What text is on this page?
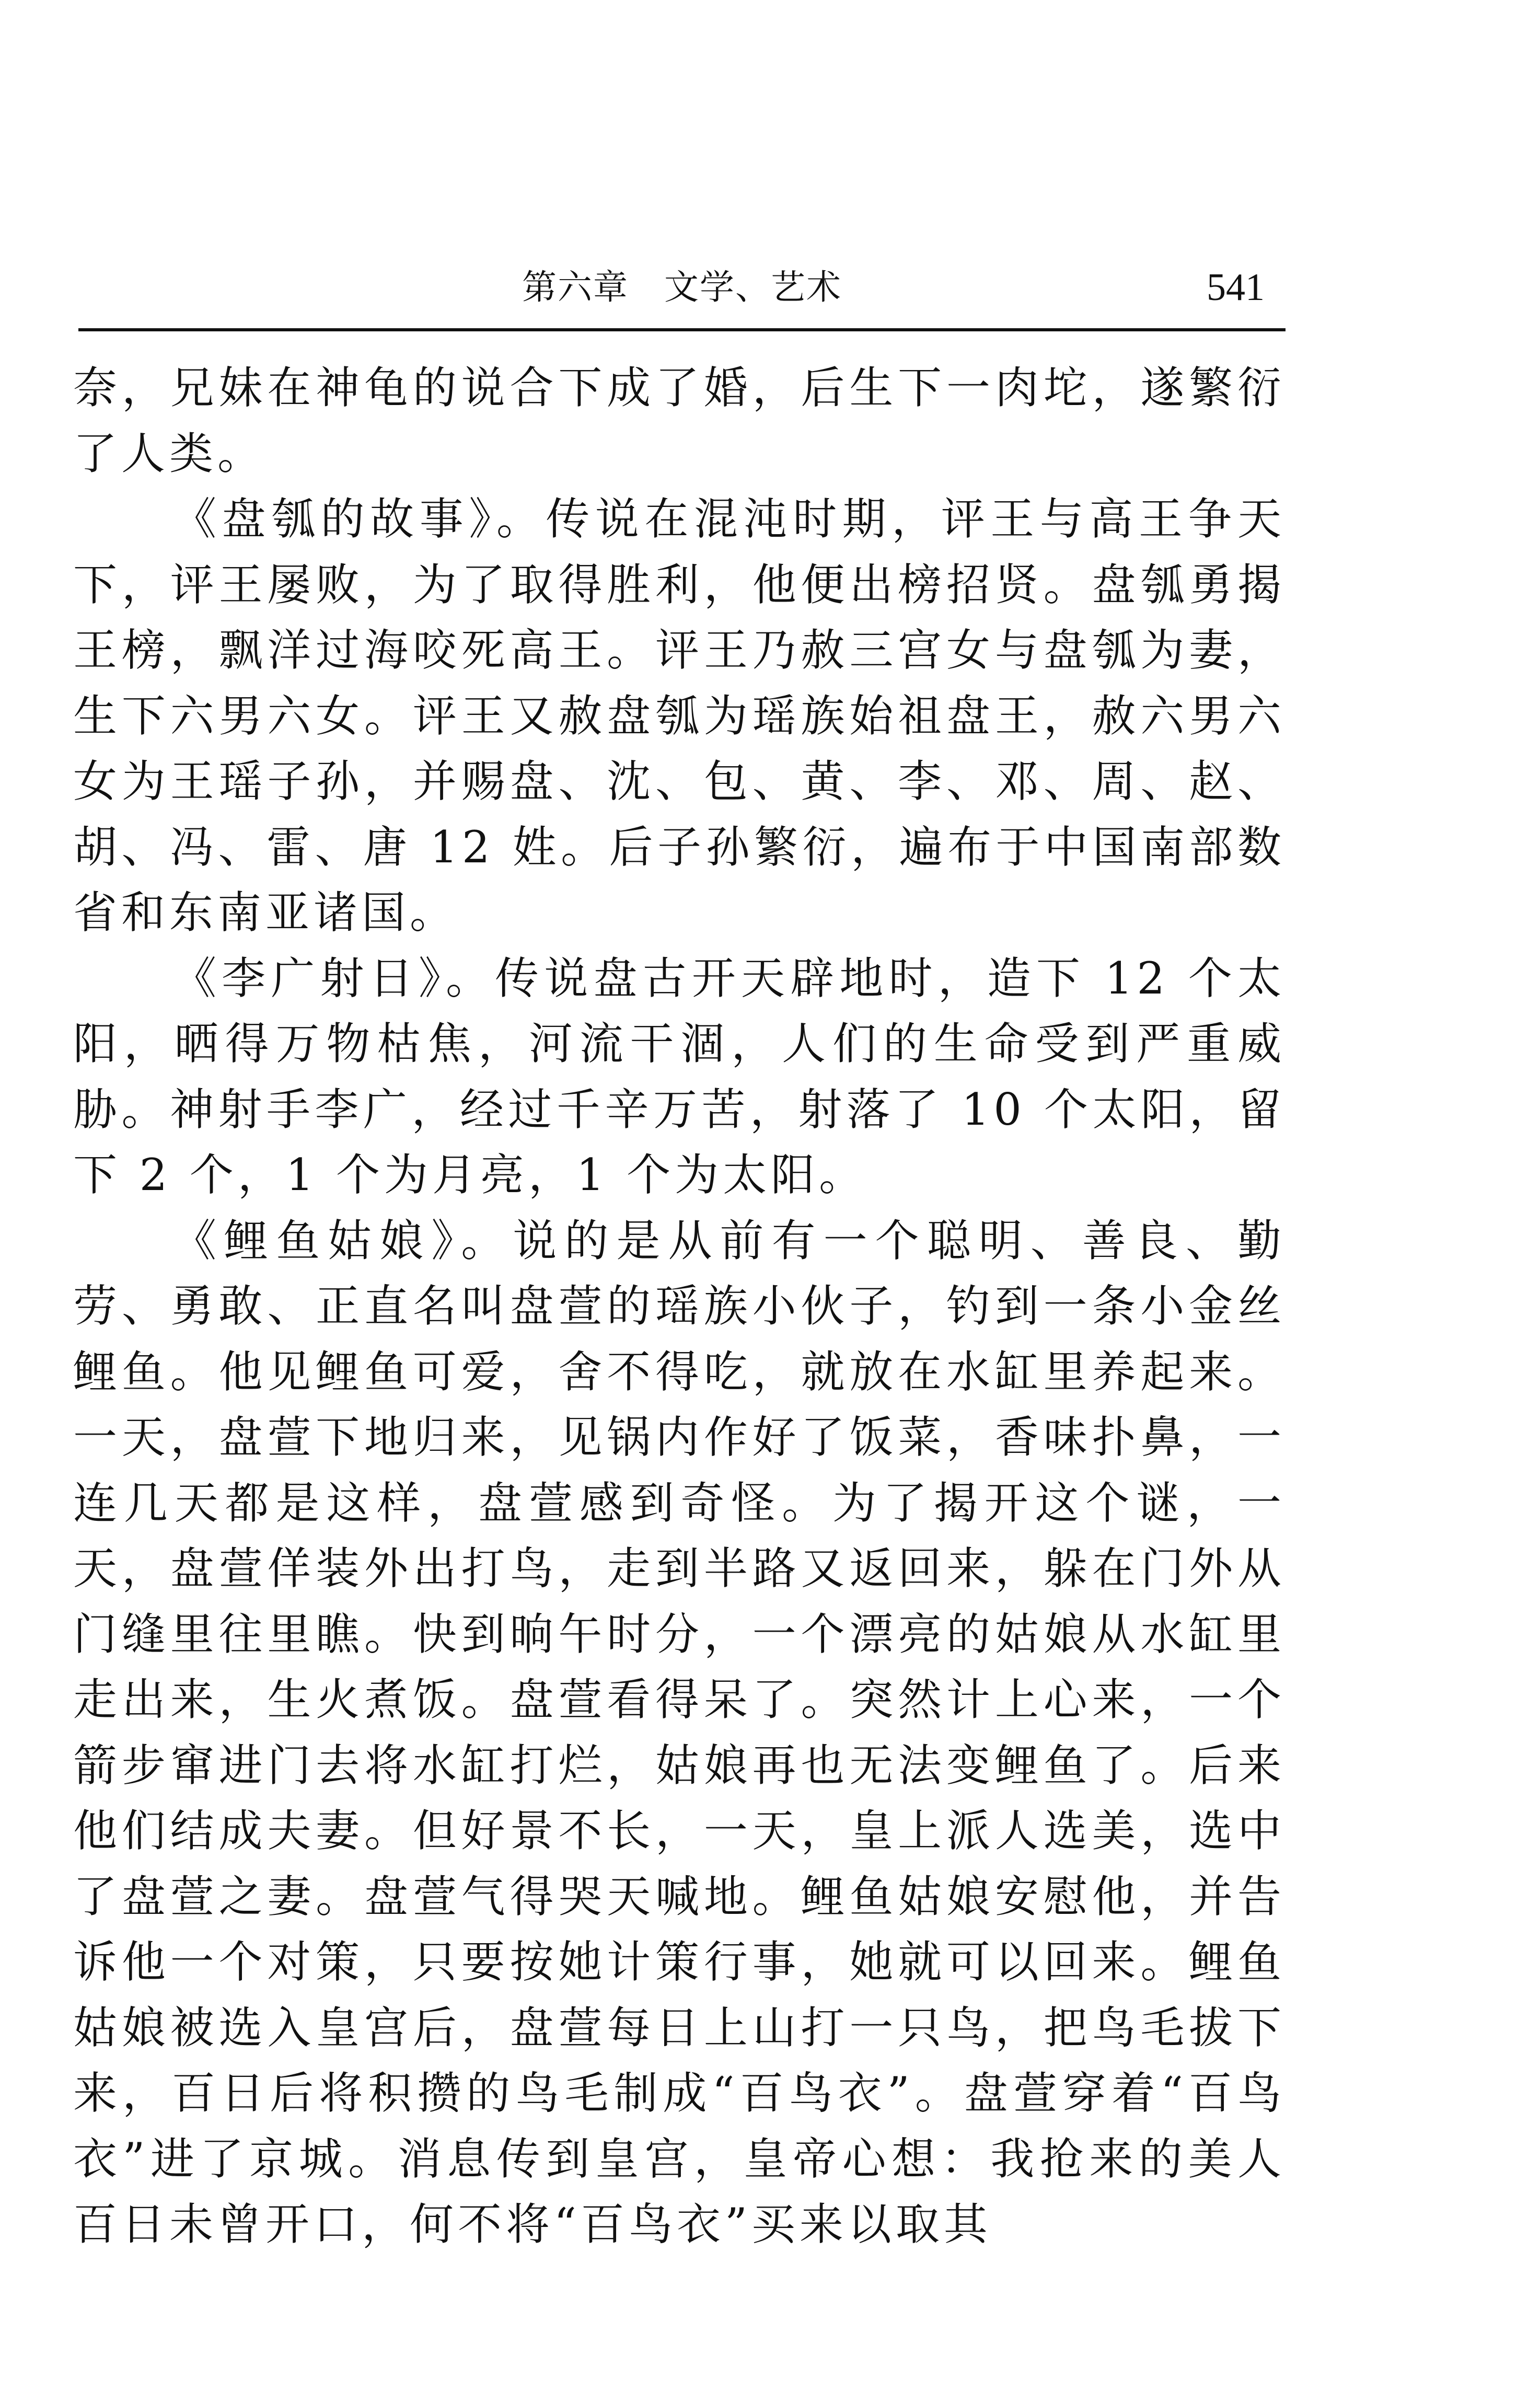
第六章　文学、艺术	541

奈，兄妹在神龟的说合下成了婚，后生下一肉坨，遂繁衍了人类。

《盘瓠的故事》。传说在混沌时期，评王与高王争天下，评王屡败，为了取得胜利，他便出榜招贤。盘瓠勇揭王榜，飘洋过海咬死高王。评王乃赦三宫女与盘瓠为妻，生下六男六女。评王又赦盘瓠为瑶族始祖盘王，赦六男六女为王瑶子孙，并赐盘、沈、包、黄、李、邓、周、赵、胡、冯、雷、唐 12 姓。后子孙繁衍，遍布于中国南部数省和东南亚诸国。

《李广射日》。传说盘古开天辟地时，造下 12 个太阳，晒得万物枯焦，河流干涸，人们的生命受到严重威胁。神射手李广，经过千辛万苦，射落了 10 个太阳，留下 2 个，1 个为月亮，1 个为太阳。

《鲤鱼姑娘》。说的是从前有一个聪明、善良、勤劳、勇敢、正直名叫盘萱的瑶族小伙子，钓到一条小金丝鲤鱼。他见鲤鱼可爱，舍不得吃，就放在水缸里养起来。一天，盘萱下地归来，见锅内作好了饭菜，香味扑鼻，一连几天都是这样，盘萱感到奇怪。为了揭开这个谜，一天，盘萱佯装外出打鸟，走到半路又返回来，躲在门外从门缝里往里瞧。快到晌午时分，一个漂亮的姑娘从水缸里走出来，生火煮饭。盘萱看得呆了。突然计上心来，一个箭步窜进门去将水缸打烂，姑娘再也无法变鲤鱼了。后来他们结成夫妻。但好景不长，一天，皇上派人选美，选中了盘萱之妻。盘萱气得哭天喊地。鲤鱼姑娘安慰他，并告诉他一个对策，只要按她计策行事，她就可以回来。鲤鱼姑娘被选入皇宫后，盘萱每日上山打一只鸟，把鸟毛拔下来，百日后将积攒的鸟毛制成“百鸟衣”。盘萱穿着“百鸟衣”进了京城。消息传到皇宫，皇帝心想：我抢来的美人百日未曾开口，何不将“百鸟衣”买来以取其
